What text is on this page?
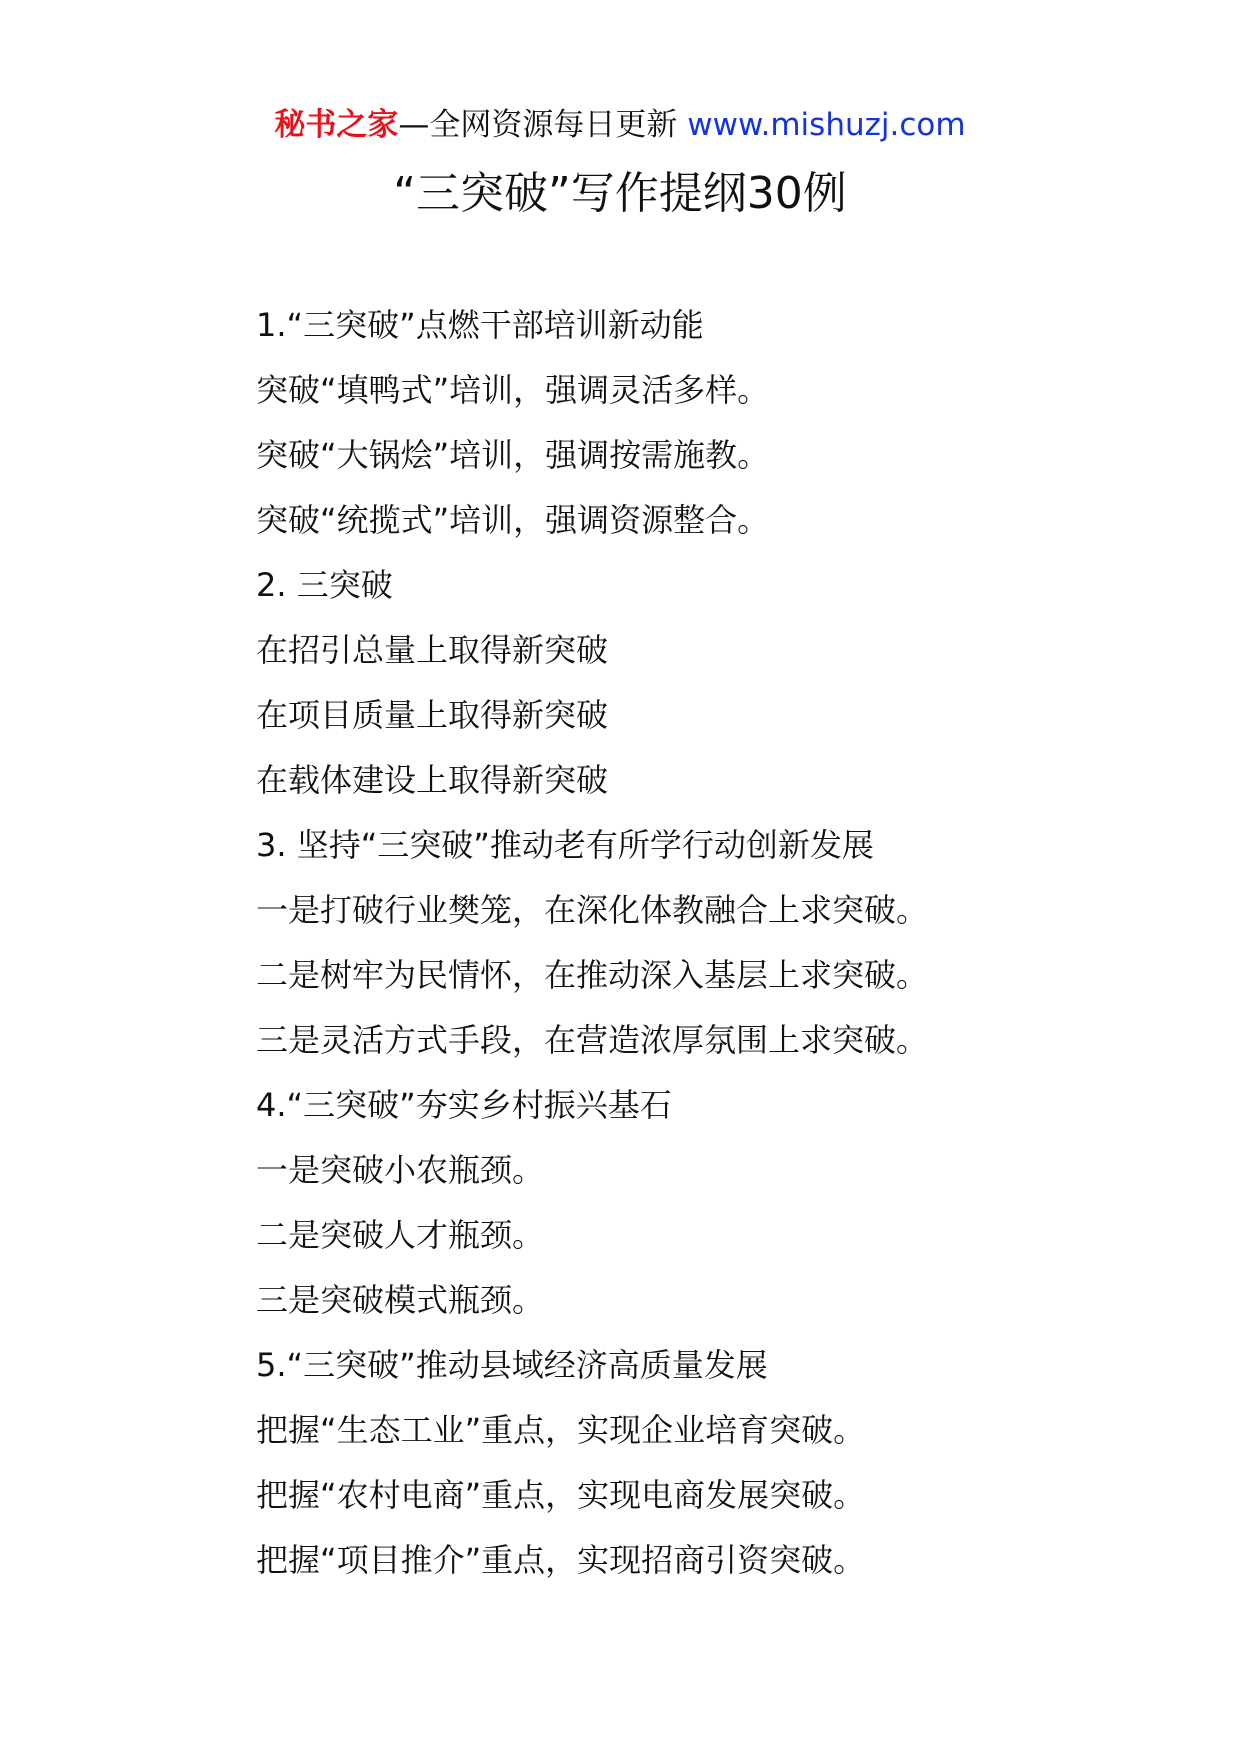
秘书之家—全网资源每日更新 www.mishuzj.com
“三突破”写作提纲30例
1.“三突破”点燃干部培训新动能
突破“填鸭式”培训，强调灵活多样。
突破“大锅烩”培训，强调按需施教。
突破“统揽式”培训，强调资源整合。
2. 三突破
在招引总量上取得新突破
在项目质量上取得新突破
在载体建设上取得新突破
3. 坚持“三突破”推动老有所学行动创新发展
一是打破行业樊笼，在深化体教融合上求突破。
二是树牢为民情怀，在推动深入基层上求突破。
三是灵活方式手段，在营造浓厚氛围上求突破。
4.“三突破”夯实乡村振兴基石
一是突破小农瓶颈。
二是突破人才瓶颈。
三是突破模式瓶颈。
5.“三突破”推动县域经济高质量发展
把握“生态工业”重点，实现企业培育突破。
把握“农村电商”重点，实现电商发展突破。
把握“项目推介”重点，实现招商引资突破。
